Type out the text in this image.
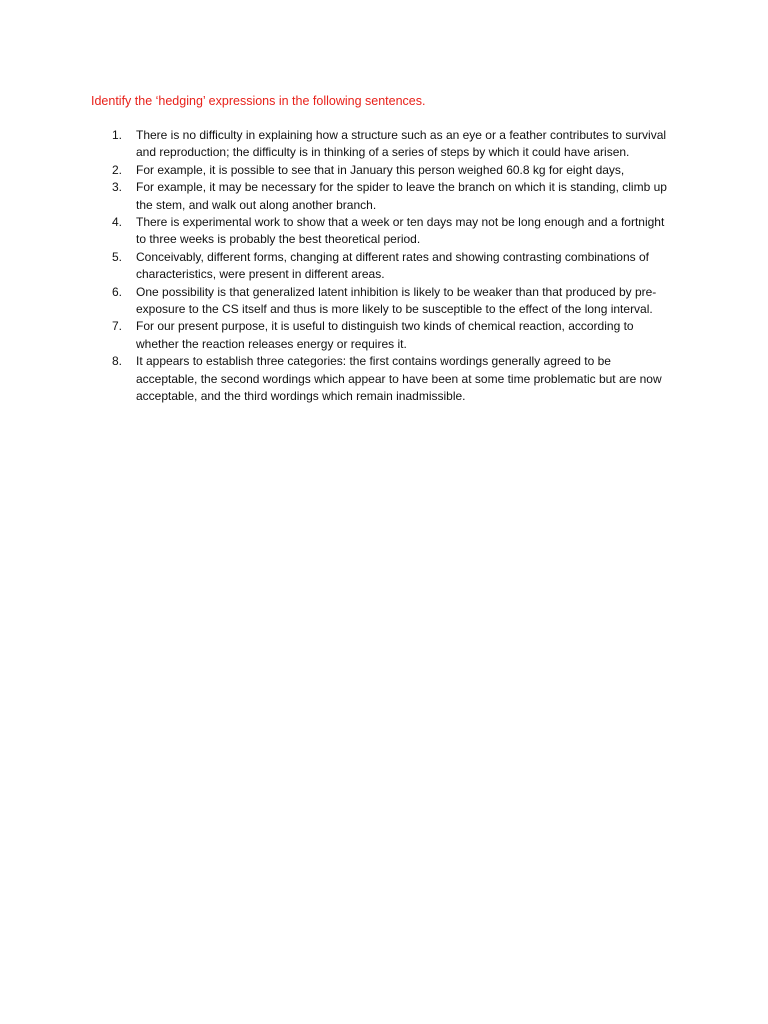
Identify the ‘hedging’ expressions in the following sentences.
1.	There is no difficulty in explaining how a structure such as an eye or a feather contributes to survival and reproduction; the difficulty is in thinking of a series of steps by which it could have arisen.
2.	For example, it is possible to see that in January this person weighed 60.8 kg for eight days,
3.	For example, it may be necessary for the spider to leave the branch on which it is standing, climb up the stem, and walk out along another branch.
4.	There is experimental work to show that a week or ten days may not be long enough and a fortnight to three weeks is probably the best theoretical period.
5.	Conceivably, different forms, changing at different rates and showing contrasting combinations of characteristics, were present in different areas.
6.	One possibility is that generalized latent inhibition is likely to be weaker than that produced by pre-exposure to the CS itself and thus is more likely to be susceptible to the effect of the long interval.
7.	For our present purpose, it is useful to distinguish two kinds of chemical reaction, according to whether the reaction releases energy or requires it.
8.	It appears to establish three categories: the first contains wordings generally agreed to be acceptable, the second wordings which appear to have been at some time problematic but are now acceptable, and the third wordings which remain inadmissible.
